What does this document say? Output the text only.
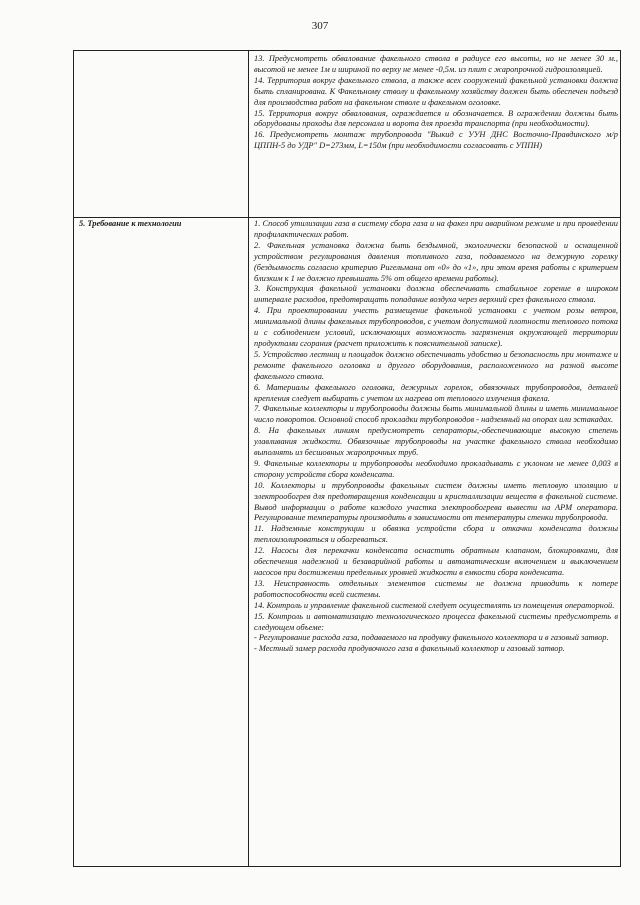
307

13. Предусмотреть обвалование факельного ствола в радиусе его высоты, но не менее 30 м., высотой не менее 1м и шириной по верху не менее -0,5м. из плит с жаропрочной гидроизоляцией.

14. Территория вокруг факельного ствола, а также всех сооружений факельной установки должна быть спланирована. К Факельному стволу и факельному хозяйству должен быть обеспечен подъезд для производства работ на факельном стволе и факельном оголовке.

15. Территория вокруг обвалования, ограждается и обозначается. В ограждении должны быть оборудованы проходы для персонала и ворота для проезда транспорта (при необходимости).

16. Предусмотреть монтаж трубопровода "Выкид с УУН ДНС Восточно-Правдинского м/р ЦППН-5 до УДР" D=273мм, L=150м (при необходимости согласовать с УППН)

5. Требование к технологии	1. Способ утилизации газа в систему сбора газа и на факел при аварийном режиме и при проведении профилактических работ.

2. Факельная установка должна быть бездымной, экологически безопасной и оснащенной устройством регулирования давления топливного газа, подаваемого на дежурную горелку (бездымность согласно критерию Ригельмана от «0» до «1», при этом время работы с критерием близким к 1 не должно превышать 5% от общего времени работы).

3. Конструкция факельной установки должна обеспечивать стабильное горение в широком интервале расходов, предотвращать попадание воздуха через верхний срез факельного ствола.

4. При проектировании учесть размещение факельной установки с учетом розы ветров, минимальной длины факельных трубопроводов, с учетом допустимой плотности теплового потока и с соблюдением условий, исключающих возможность загрязнения окружающей территории продуктами сгорания (расчет приложить к пояснительной записке).

5. Устройство лестниц и площадок должно обеспечивать удобство и безопасность при монтаже и ремонте факельного оголовка и другого оборудования, расположенного на разной высоте факельного ствола.

6. Материалы факельного оголовка, дежурных горелок, обвязочных трубопроводов, деталей крепления следует выбирать с учетом их нагрева от теплового излучения факела.

7. Факельные коллекторы и трубопроводы должны быть минимальной длины и иметь минимальное число поворотов. Основной способ прокладки трубопроводов - надземный на опорах или эстакадах.

8. На факельных линиям предусмотреть сепараторы,-обеспечивающие высокую степень улавливания жидкости. Обвязочные трубопроводы на участке факельного ствола необходимо выполнять из бесшовных жаропрочных труб.

9. Факельные коллекторы и трубопроводы необходимо прокладывать с уклоном не менее 0,003 в сторону устройств сбора конденсата.

10. Коллекторы и трубопроводы факельных систем должны иметь тепловую изоляцию и электрообогрев для предотвращения конденсации и кристаллизации веществ в факельной системе. Вывод информации о работе каждого участка электрообогрева вывести на АРМ оператора. Регулирование температуры производить в зависимости от температуры стенки трубопровода.

11. Надземные конструкции и обвязка устройств сбора и откачки конденсата должны теплоизолироваться и обогреваться.

12. Насосы для перекачки конденсата оснастить обратным клапаном, блокировками, для обеспечения надежной и безаварийной работы и автоматическим включением и выключением насосов при достижении предельных уровней жидкости в емкости сбора конденсата.

13. Неисправность отдельных элементов системы не должна приводить к потере работоспособности всей системы.

14. Контроль и управление факельной системой следует осуществлять из помещения операторной.

15. Контроль и автоматизацию технологического процесса факельной системы предусмотреть в следующем объеме:

- Регулирование расхода газа, подаваемого на продувку факельного коллектора и в газовый затвор.

- Местный замер расхода продувочного газа в факельный коллектор и газовый затвор.
